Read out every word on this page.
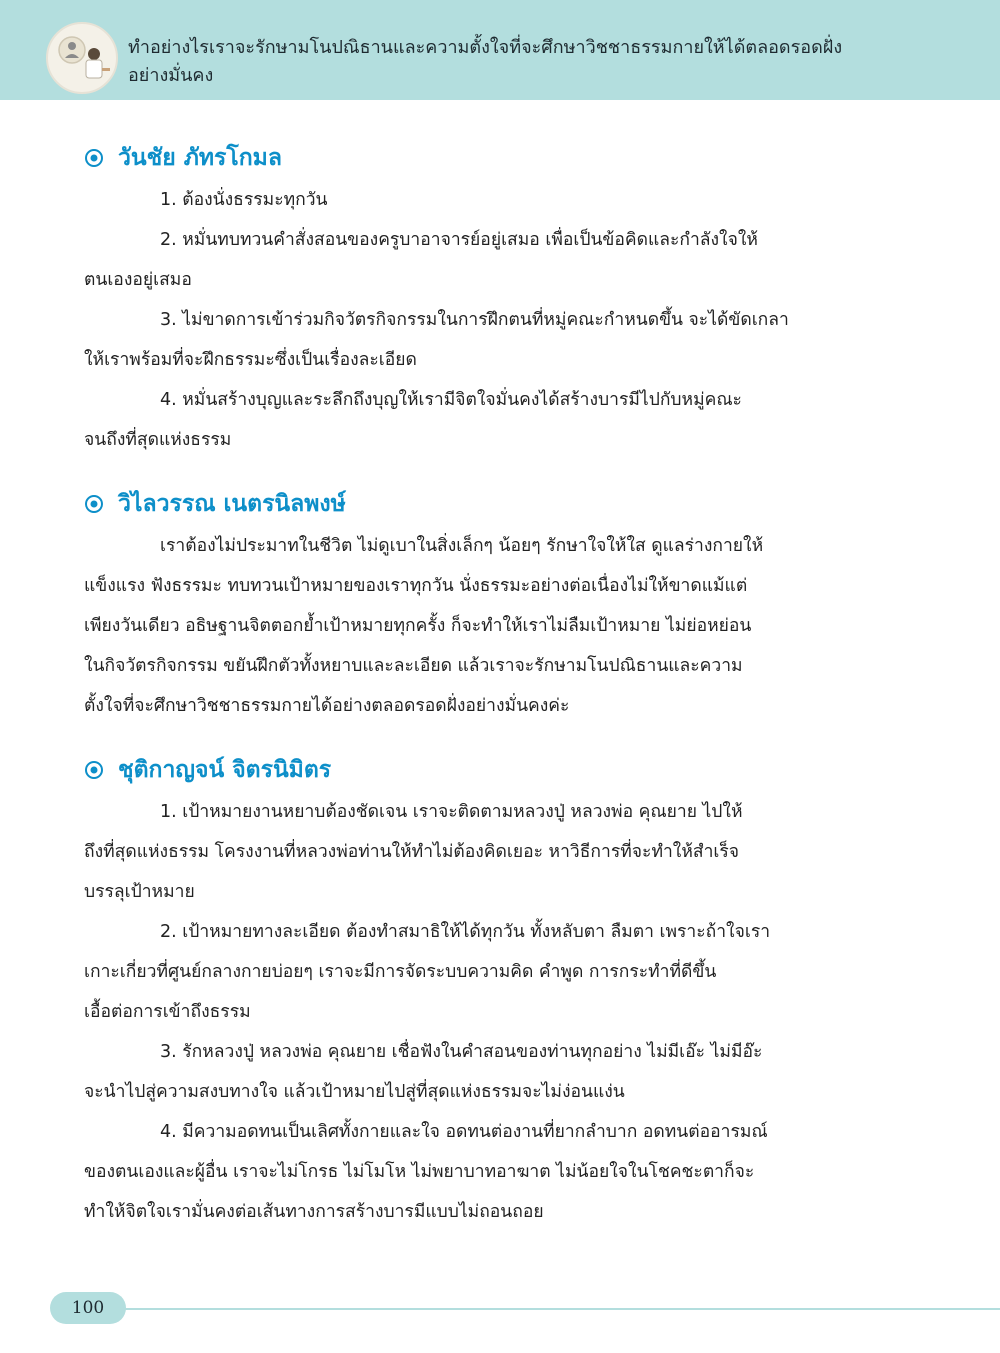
ทำอย่างไรเราจะรักษามโนปณิธานและความตั้งใจที่จะศึกษาวิชชาธรรมกายให้ได้ตลอดรอดฝั่ง
อย่างมั่นคง
วันชัย ภัทรโกมล
1. ต้องนั่งธรรมะทุกวัน
2. หมั่นทบทวนคำสั่งสอนของครูบาอาจารย์อยู่เสมอ เพื่อเป็นข้อคิดและกำลังใจให้
ตนเองอยู่เสมอ
3. ไม่ขาดการเข้าร่วมกิจวัตรกิจกรรมในการฝึกตนที่หมู่คณะกำหนดขึ้น จะได้ขัดเกลา
ให้เราพร้อมที่จะฝึกธรรมะซึ่งเป็นเรื่องละเอียด
4. หมั่นสร้างบุญและระลึกถึงบุญให้เรามีจิตใจมั่นคงได้สร้างบารมีไปกับหมู่คณะ
จนถึงที่สุดแห่งธรรม
วิไลวรรณ เนตรนิลพงษ์
เราต้องไม่ประมาทในชีวิต ไม่ดูเบาในสิ่งเล็กๆ น้อยๆ รักษาใจให้ใส ดูแลร่างกายให้
แข็งแรง ฟังธรรมะ ทบทวนเป้าหมายของเราทุกวัน นั่งธรรมะอย่างต่อเนื่องไม่ให้ขาดแม้แต่
เพียงวันเดียว อธิษฐานจิตตอกย้ำเป้าหมายทุกครั้ง ก็จะทำให้เราไม่ลืมเป้าหมาย ไม่ย่อหย่อน
ในกิจวัตรกิจกรรม ขยันฝึกตัวทั้งหยาบและละเอียด แล้วเราจะรักษามโนปณิธานและความ
ตั้งใจที่จะศึกษาวิชชาธรรมกายได้อย่างตลอดรอดฝั่งอย่างมั่นคงค่ะ
ชุติกาญจน์ จิตรนิมิตร
1. เป้าหมายงานหยาบต้องชัดเจน เราจะติดตามหลวงปู่ หลวงพ่อ คุณยาย ไปให้
ถึงที่สุดแห่งธรรม โครงงานที่หลวงพ่อท่านให้ทำไม่ต้องคิดเยอะ หาวิธีการที่จะทำให้สำเร็จ
บรรลุเป้าหมาย
2. เป้าหมายทางละเอียด ต้องทำสมาธิให้ได้ทุกวัน ทั้งหลับตา ลืมตา เพราะถ้าใจเรา
เกาะเกี่ยวที่ศูนย์กลางกายบ่อยๆ เราจะมีการจัดระบบความคิด คำพูด การกระทำที่ดีขึ้น
เอื้อต่อการเข้าถึงธรรม
3. รักหลวงปู่ หลวงพ่อ คุณยาย เชื่อฟังในคำสอนของท่านทุกอย่าง ไม่มีเอ๊ะ ไม่มีอ๊ะ
จะนำไปสู่ความสงบทางใจ แล้วเป้าหมายไปสู่ที่สุดแห่งธรรมจะไม่ง่อนแง่น
4. มีความอดทนเป็นเลิศทั้งกายและใจ อดทนต่องานที่ยากลำบาก อดทนต่ออารมณ์
ของตนเองและผู้อื่น เราจะไม่โกรธ ไม่โมโห ไม่พยาบาทอาฆาต ไม่น้อยใจในโชคชะตาก็จะ
ทำให้จิตใจเรามั่นคงต่อเส้นทางการสร้างบารมีแบบไม่ถอนถอย
100
